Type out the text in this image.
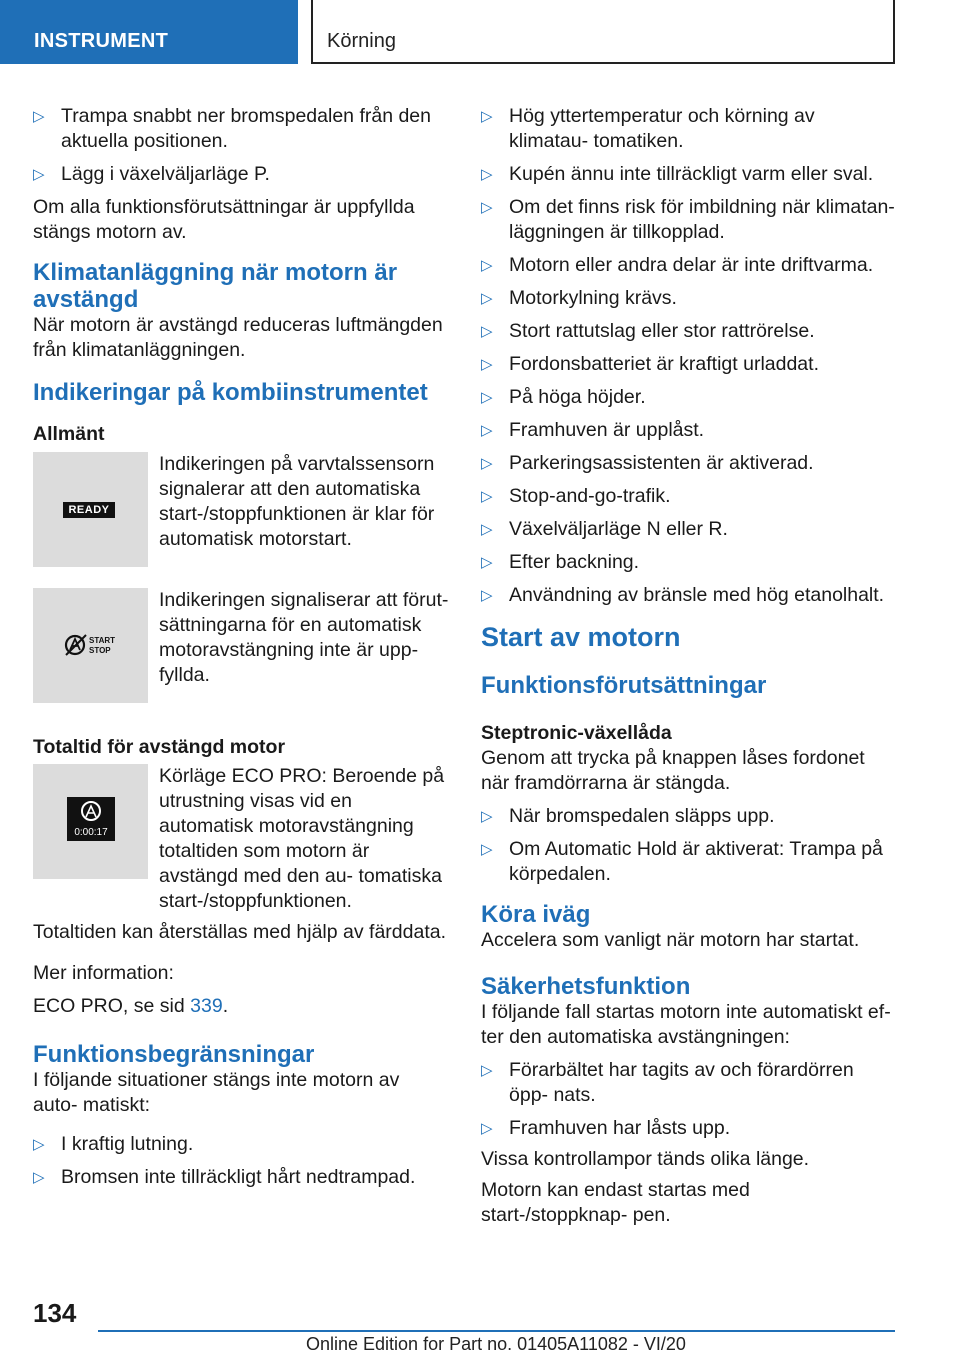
INSTRUMENT	Körning
▷ Trampa snabbt ner bromspedalen från den aktuella positionen.
▷ Lägg i växelväljarläge P.

Om alla funktionsförutsättningar är uppfyllda stängs motorn av.

Klimatanläggning när motorn är avstängd

När motorn är avstängd reduceras luftmängden från klimatanläggningen.

Indikeringar på kombiinstrumentet
Allmänt
READY
Indikeringen på varvtalssensorn signalerar att den automatiska start-/stoppfunktionen är klar för automatisk motorstart.
START
STOP
Indikeringen signaliserar att förut- sättningarna för en automatisk motoravstängning inte är upp- fyllda.
Totaltid för avstängd motor
0:00:17
Körläge ECO PRO: Beroende på utrustning visas vid en automatisk motoravstängning totaltiden som motorn är avstängd med den au- tomatiska start-/stoppfunktionen.

Totaltiden kan återställas med hjälp av färddata.

Mer information:

ECO PRO, se sid 339.

Funktionsbegränsningar

I följande situationer stängs inte motorn av auto- matiskt:

▷ I kraftig lutning.
▷ Bromsen inte tillräckligt hårt nedtrampad.
▷ Hög yttertemperatur och körning av klimatau- tomatiken.
▷ Kupén ännu inte tillräckligt varm eller sval.
▷ Om det finns risk för imbildning när klimatan- läggningen är tillkopplad.
▷ Motorn eller andra delar är inte driftvarma.
▷ Motorkylning krävs.
▷ Stort rattutslag eller stor rattrörelse.
▷ Fordonsbatteriet är kraftigt urladdat.
▷ På höga höjder.
▷ Framhuven är upplåst.
▷ Parkeringsassistenten är aktiverad.
▷ Stop-and-go-trafik.
▷ Växelväljarläge N eller R.
▷ Efter backning.
▷ Användning av bränsle med hög etanolhalt.
Start av motorn
Funktionsförutsättningar
Steptronic-växellåda

Genom att trycka på knappen låses fordonet när framdörrarna är stängda.

▷ När bromspedalen släpps upp.
▷ Om Automatic Hold är aktiverat: Trampa på körpedalen.
Köra iväg

Accelera som vanligt när motorn har startat.

Säkerhetsfunktion

I följande fall startas motorn inte automatiskt ef- ter den automatiska avstängningen:

▷ Förarbältet har tagits av och förardörren öpp- nats.
▷ Framhuven har låsts upp.

Vissa kontrollampor tänds olika länge.

Motorn kan endast startas med start-/stoppknap- pen.

134
Online Edition for Part no. 01405A11082 - VI/20
